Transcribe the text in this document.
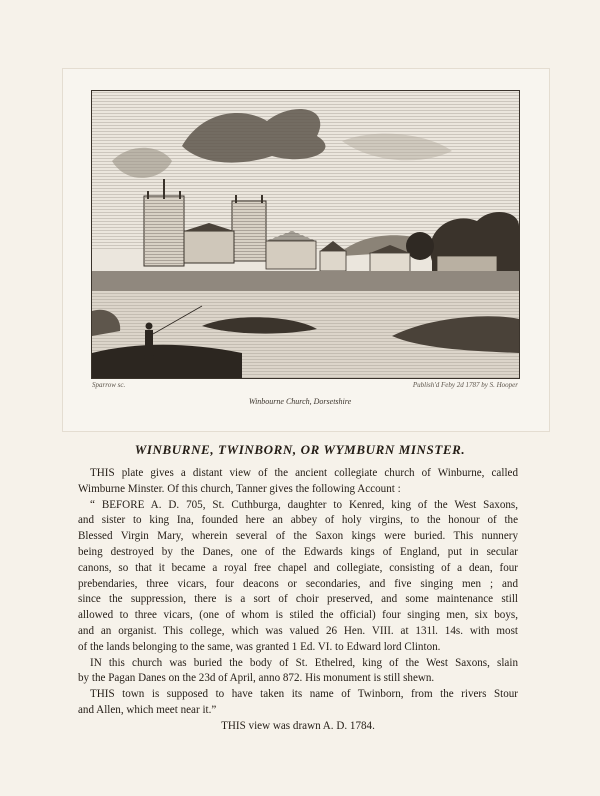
Sparrow sc.	Publish'd Feby 2d 1787 by S. Hooper
Winbourne Church, Dorsetshire
WINBURNE, TWINBORN, OR WYMBURN MINSTER.
THIS plate gives a distant view of the ancient collegiate church of Winburne, called
Wimburne Minster. Of this church, Tanner gives the following Account :
“ BEFORE A. D. 705, St. Cuthburga, daughter to Kenred, king of the West Saxons,
and sister to king Ina, founded here an abbey of holy virgins, to the honour of the
Blessed Virgin Mary, wherein several of the Saxon kings were buried. This nunnery
being destroyed by the Danes, one of the Edwards kings of England, put in secular
canons, so that it became a royal free chapel and collegiate, consisting of a dean, four
prebendaries, three vicars, four deacons or secondaries, and five singing men ; and
since the suppression, there is a sort of choir preserved, and some maintenance still
allowed to three vicars, (one of whom is stiled the official) four singing men, six boys,
and an organist. This college, which was valued 26 Hen. VIII. at 131l. 14s. with most
of the lands belonging to the same, was granted 1 Ed. VI. to Edward lord Clinton.
IN this church was buried the body of St. Ethelred, king of the West Saxons, slain
by the Pagan Danes on the 23d of April, anno 872. His monument is still shewn.
THIS town is supposed to have taken its name of Twinborn, from the rivers Stour
and Allen, which meet near it.”
THIS view was drawn A. D. 1784.
